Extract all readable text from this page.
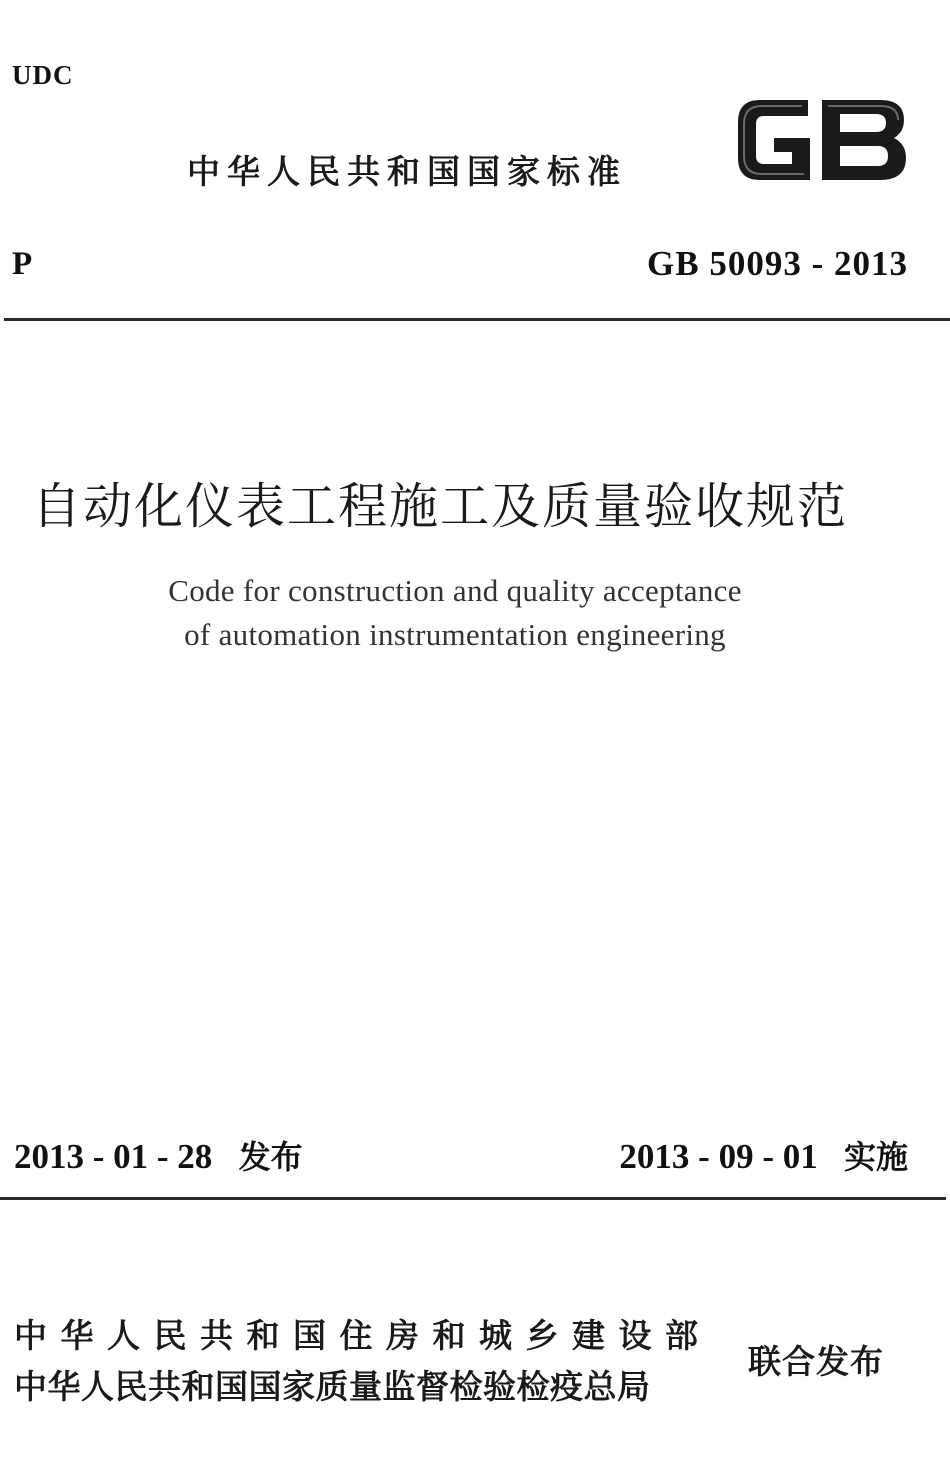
UDC
中华人民共和国国家标准
P	GB 50093 - 2013
自动化仪表工程施工及质量验收规范
Code for construction and quality acceptance
of automation instrumentation engineering
2013 - 01 - 28 发布	2013 - 09 - 01 实施
中华人民共和国住房和城乡建设部
中华人民共和国国家质量监督检验检疫总局
联合发布
